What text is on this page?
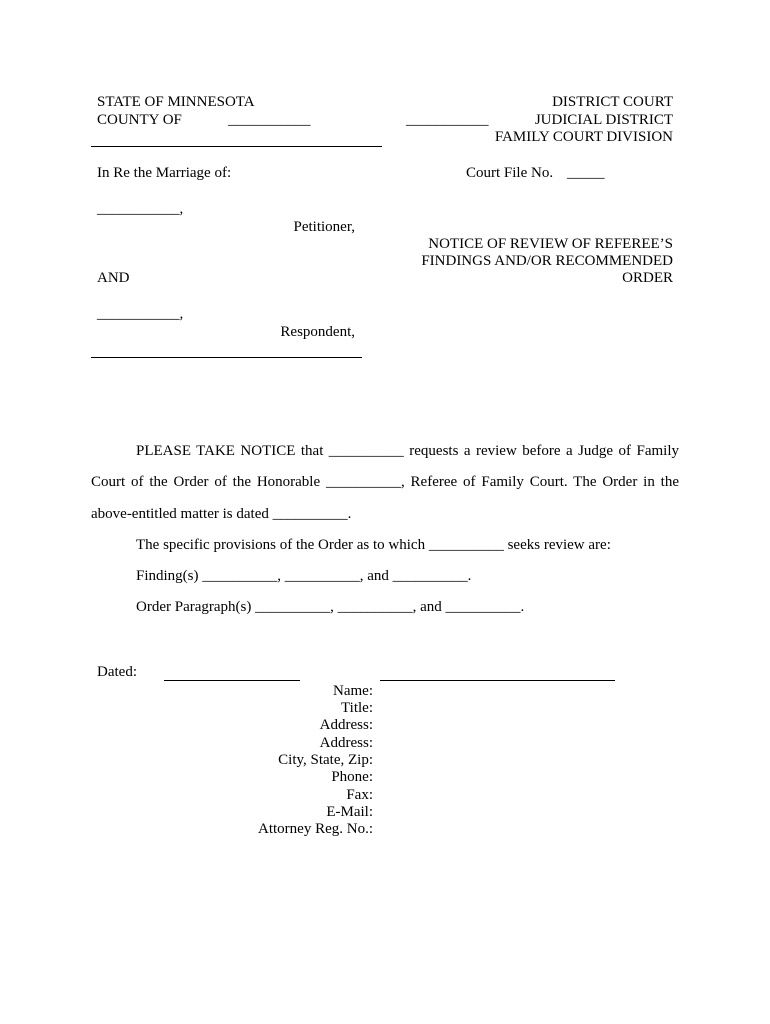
STATE OF MINNESOTA
COUNTY OF	___________
DISTRICT COURT
___________	JUDICIAL DISTRICT
FAMILY COURT DIVISION
In Re the Marriage of:	Court File No. _____
___________,
Petitioner,
NOTICE OF REVIEW OF REFEREE’S
FINDINGS AND/OR RECOMMENDED
ORDER
AND
___________,
Respondent,
PLEASE TAKE NOTICE that __________ requests a review before a Judge of Family
Court of the Order of the Honorable __________, Referee of Family Court. The Order in the
above-entitled matter is dated __________.
The specific provisions of the Order as to which __________ seeks review are:
Finding(s) __________, __________, and __________.
Order Paragraph(s) __________, __________, and __________.
Dated:
Name:
Title:
Address:
Address:
City, State, Zip:
Phone:
Fax:
E-Mail:
Attorney Reg. No.:
